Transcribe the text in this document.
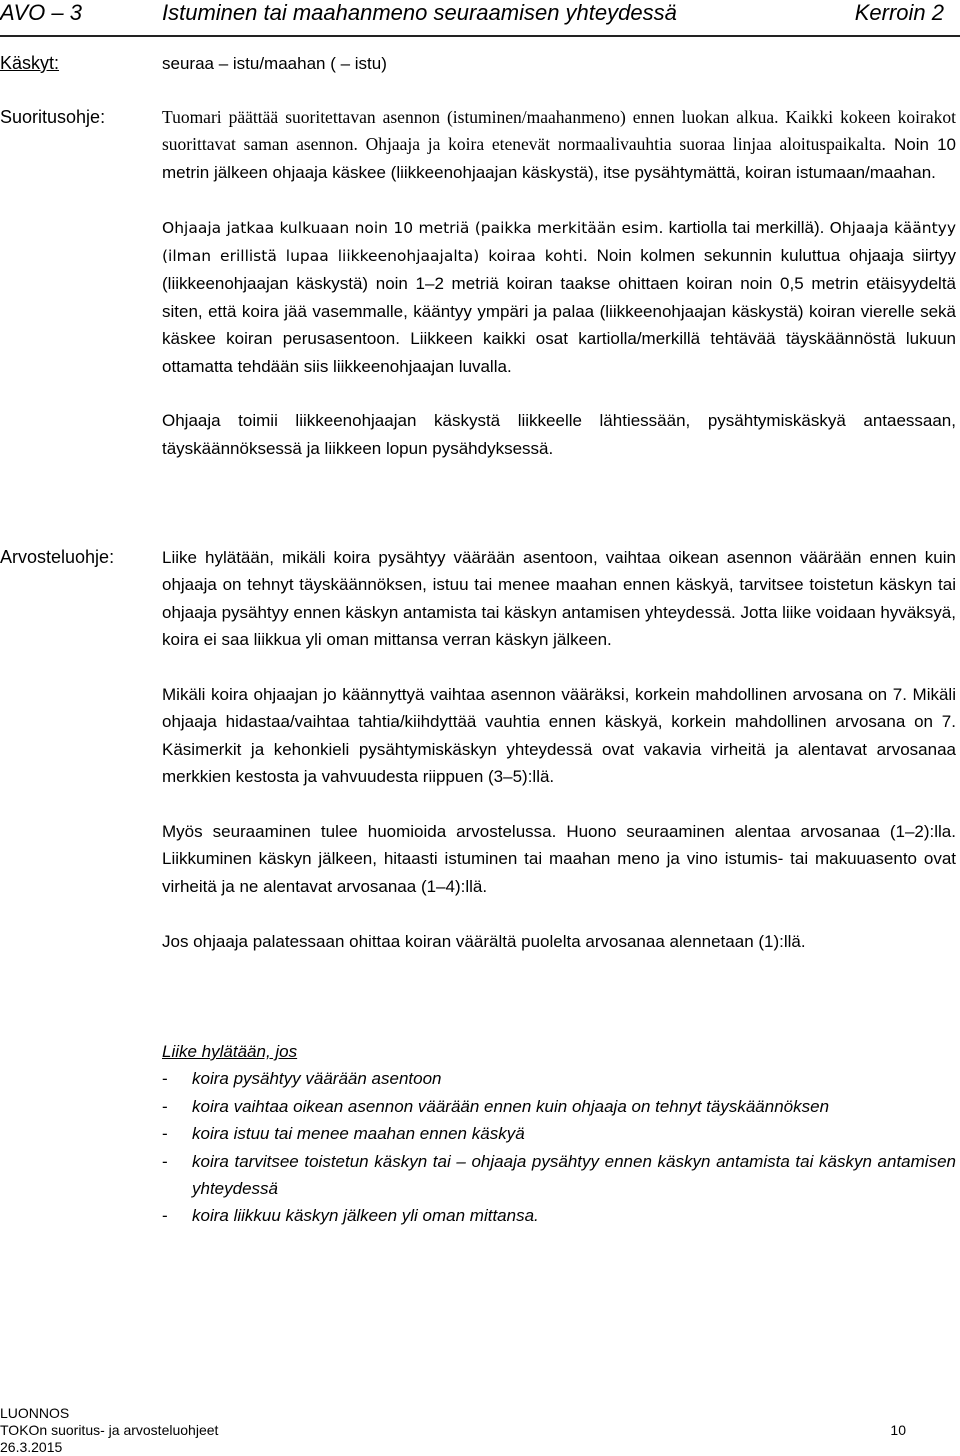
AVO – 3	Istuminen tai maahanmeno seuraamisen yhteydessä	Kerroin 2
Käskyt:	seuraa – istu/maahan ( – istu)

Suoritusohje:	Tuomari päättää suoritettavan asennon (istuminen/maahanmeno) ennen luokan alkua. Kaikki kokeen koirakot suorittavat saman asennon. Ohjaaja ja koira etenevät normaalivauhtia suoraa linjaa aloituspaikalta. Noin 10 metrin jälkeen ohjaaja käskee (liikkeenohjaajan käskystä), itse pysähtymättä, koiran istumaan/maahan.

Ohjaaja jatkaa kulkuaan noin 10 metriä (paikka merkitään esim. kartiolla tai merkillä). Ohjaaja kääntyy (ilman erillistä lupaa liikkeenohjaajalta) koiraa kohti. Noin kolmen sekunnin kuluttua ohjaaja siirtyy (liikkeenohjaajan käskystä) noin 1–2 metriä koiran taakse ohittaen koiran noin 0,5 metrin etäisyydeltä siten, että koira jää vasemmalle, kääntyy ympäri ja palaa (liikkeenohjaajan käskystä) koiran vierelle sekä käskee koiran perusasentoon. Liikkeen kaikki osat kartiolla/merkillä tehtävää täyskäännöstä lukuun ottamatta tehdään siis liikkeenohjaajan luvalla.

Ohjaaja toimii liikkeenohjaajan käskystä liikkeelle lähtiessään, pysähtymiskäskyä antaessaan, täyskäännöksessä ja liikkeen lopun pysähdyksessä.

Arvosteluohje:	Liike hylätään, mikäli koira pysähtyy väärään asentoon, vaihtaa oikean asennon väärään ennen kuin ohjaaja on tehnyt täyskäännöksen, istuu tai menee maahan ennen käskyä, tarvitsee toistetun käskyn tai ohjaaja pysähtyy ennen käskyn antamista tai käskyn antamisen yhteydessä. Jotta liike voidaan hyväksyä, koira ei saa liikkua yli oman mittansa verran käskyn jälkeen.

Mikäli koira ohjaajan jo käännyttyä vaihtaa asennon vääräksi, korkein mahdollinen arvosana on 7. Mikäli ohjaaja hidastaa/vaihtaa tahtia/kiihdyttää vauhtia ennen käskyä, korkein mahdollinen arvosana on 7. Käsimerkit ja kehonkieli pysähtymiskäskyn yhteydessä ovat vakavia virheitä ja alentavat arvosanaa merkkien kestosta ja vahvuudesta riippuen (3–5):llä.

Myös seuraaminen tulee huomioida arvostelussa. Huono seuraaminen alentaa arvosanaa (1–2):lla. Liikkuminen käskyn jälkeen, hitaasti istuminen tai maahan meno ja vino istumis- tai makuuasento ovat virheitä ja ne alentavat arvosanaa (1–4):llä.

Jos ohjaaja palatessaan ohittaa koiran väärältä puolelta arvosanaa alennetaan (1):llä.

Liike hylätään, jos
- koira pysähtyy väärään asentoon
- koira vaihtaa oikean asennon väärään ennen kuin ohjaaja on tehnyt täyskäännöksen
- koira istuu tai menee maahan ennen käskyä
- koira tarvitsee toistetun käskyn tai – ohjaaja pysähtyy ennen käskyn antamista tai käskyn antamisen yhteydessä
- koira liikkuu käskyn jälkeen yli oman mittansa.
LUONNOS
TOKOn suoritus- ja arvosteluohjeet	10
26.3.2015
